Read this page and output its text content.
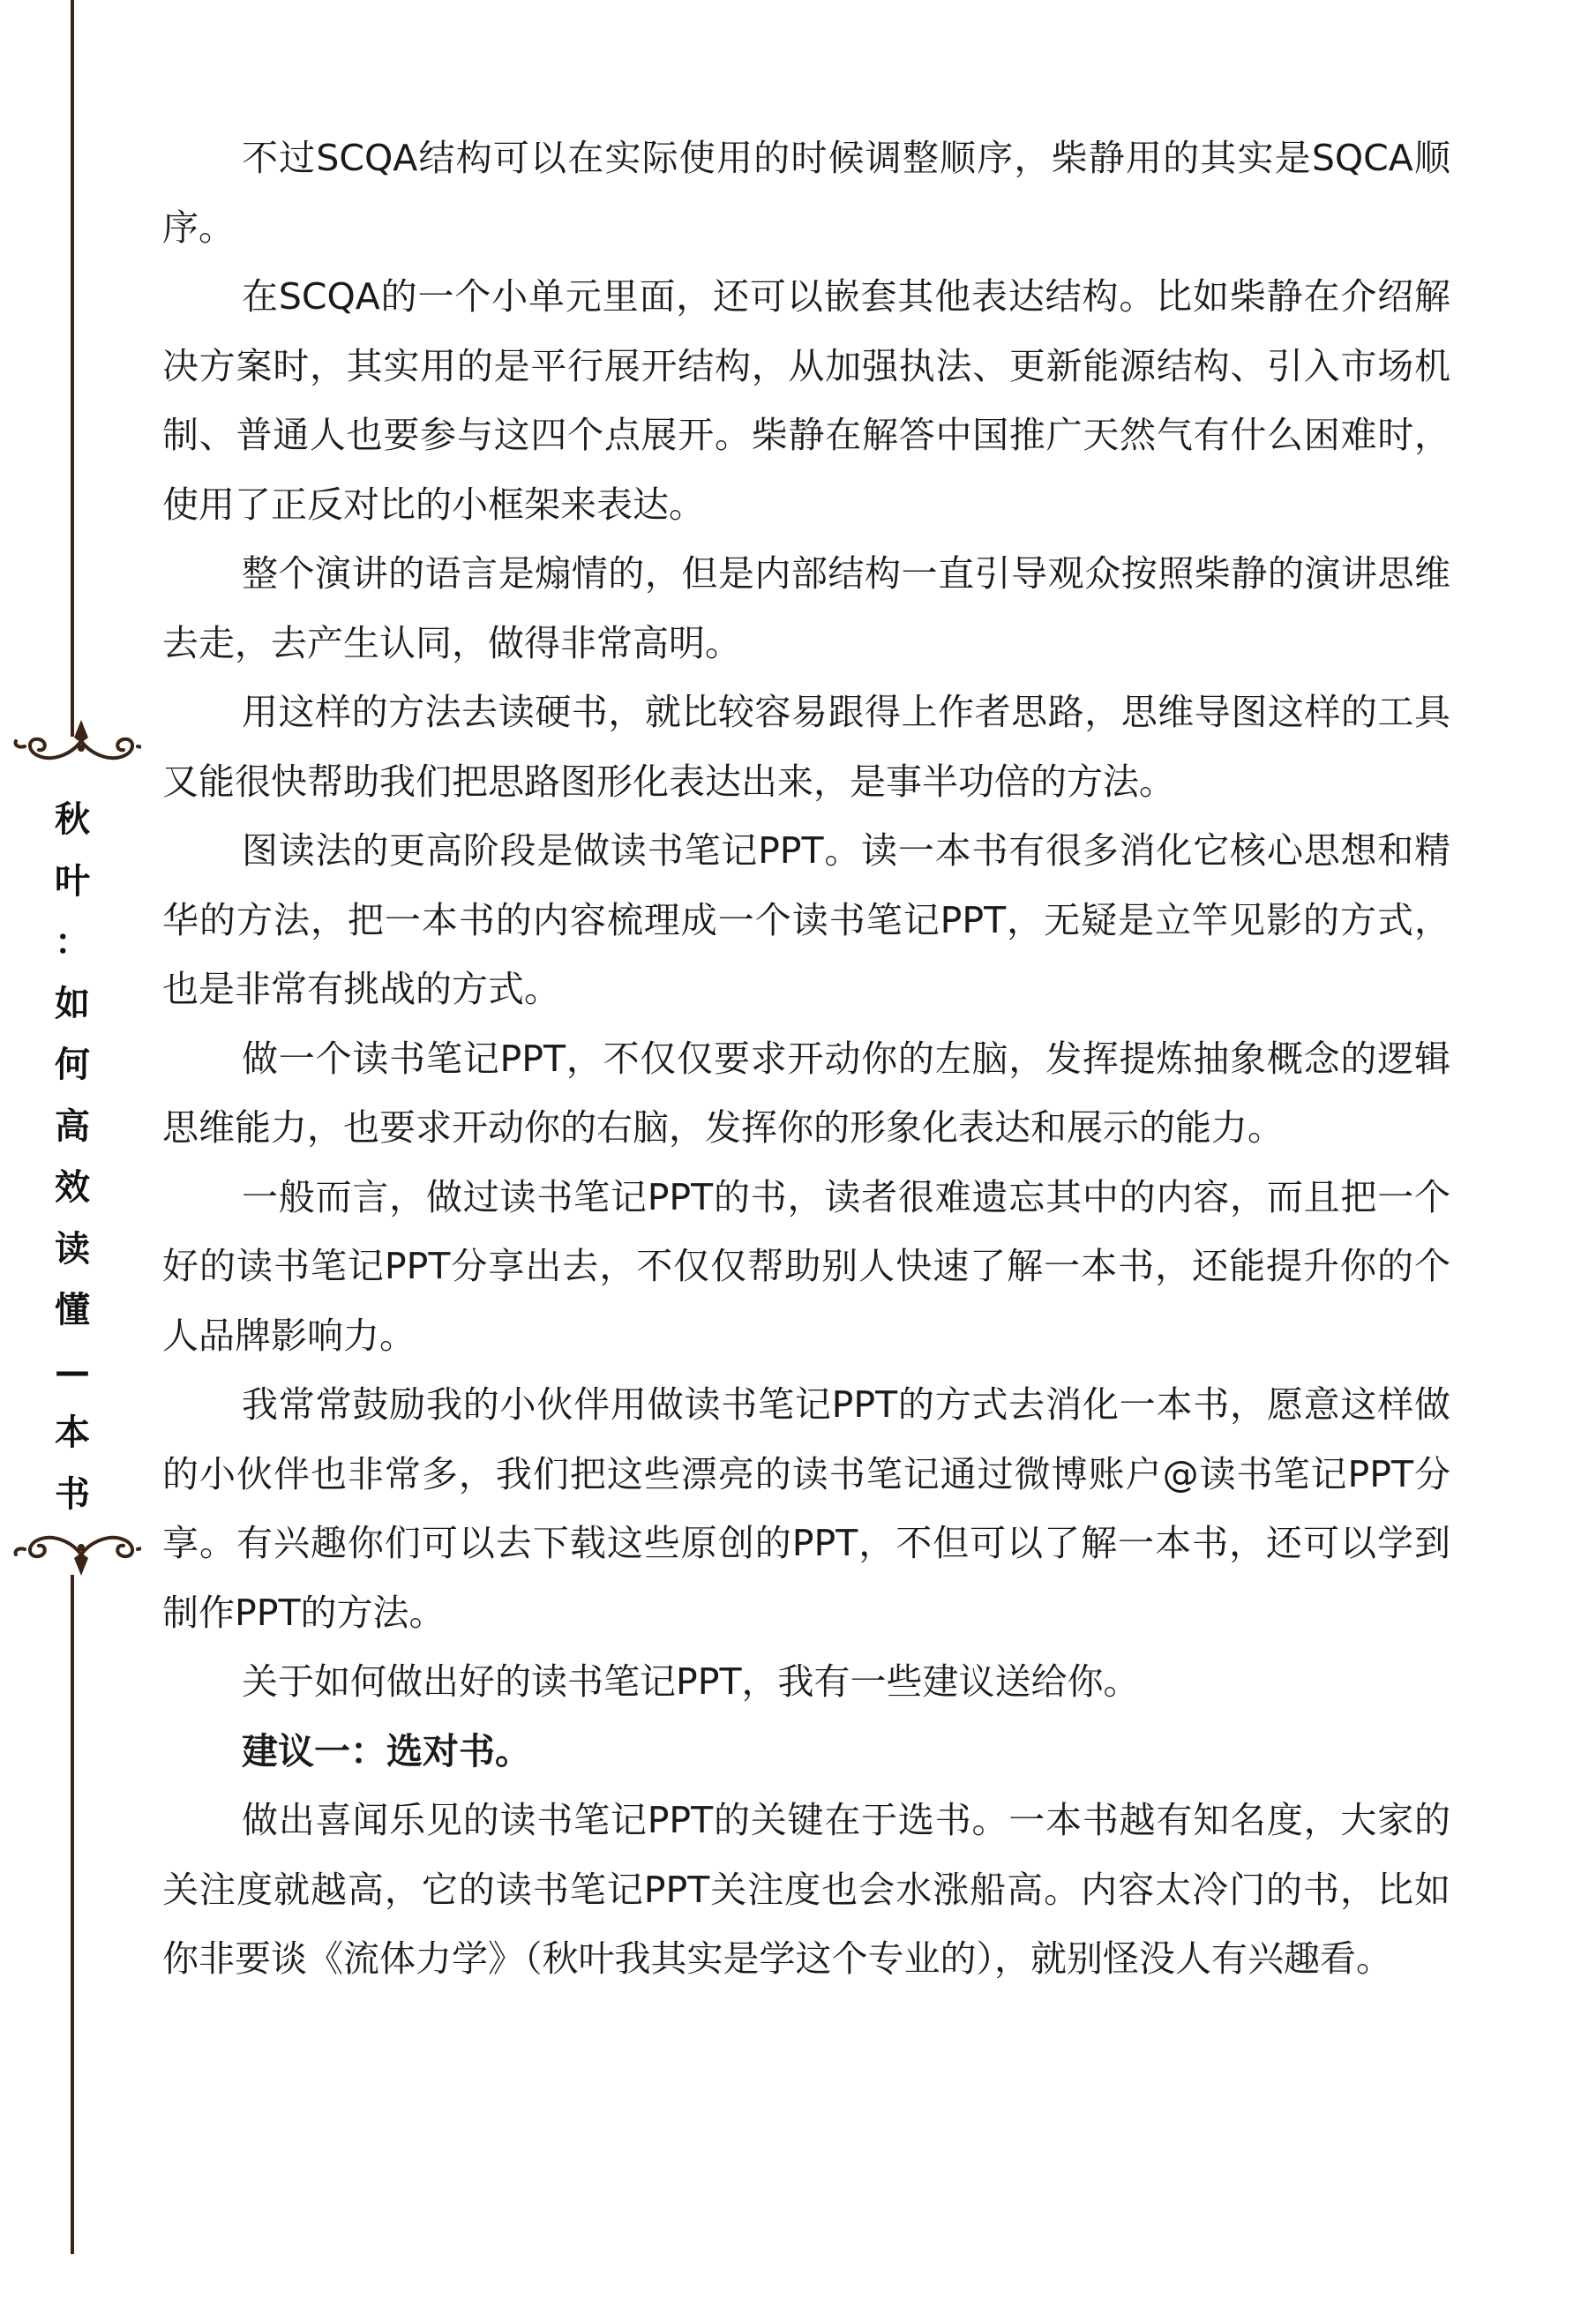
秋
叶
：
如
何
高
效
读
懂
—
本
书

不过SCQA结构可以在实际使用的时候调整顺序，柴静用的其实是SQCA顺序。

在SCQA的一个小单元里面，还可以嵌套其他表达结构。比如柴静在介绍解决方案时，其实用的是平行展开结构，从加强执法、更新能源结构、引入市场机制、普通人也要参与这四个点展开。柴静在解答中国推广天然气有什么困难时，使用了正反对比的小框架来表达。

整个演讲的语言是煽情的，但是内部结构一直引导观众按照柴静的演讲思维去走，去产生认同，做得非常高明。

用这样的方法去读硬书，就比较容易跟得上作者思路，思维导图这样的工具又能很快帮助我们把思路图形化表达出来，是事半功倍的方法。

图读法的更高阶段是做读书笔记PPT。读一本书有很多消化它核心思想和精华的方法，把一本书的内容梳理成一个读书笔记PPT，无疑是立竿见影的方式，也是非常有挑战的方式。

做一个读书笔记PPT，不仅仅要求开动你的左脑，发挥提炼抽象概念的逻辑思维能力，也要求开动你的右脑，发挥你的形象化表达和展示的能力。

一般而言，做过读书笔记PPT的书，读者很难遗忘其中的内容，而且把一个好的读书笔记PPT分享出去，不仅仅帮助别人快速了解一本书，还能提升你的个人品牌影响力。

我常常鼓励我的小伙伴用做读书笔记PPT的方式去消化一本书，愿意这样做的小伙伴也非常多，我们把这些漂亮的读书笔记通过微博账户@读书笔记PPT分享。有兴趣你们可以去下载这些原创的PPT，不但可以了解一本书，还可以学到制作PPT的方法。

关于如何做出好的读书笔记PPT，我有一些建议送给你。

建议一：选对书。

做出喜闻乐见的读书笔记PPT的关键在于选书。一本书越有知名度，大家的关注度就越高，它的读书笔记PPT关注度也会水涨船高。内容太冷门的书，比如你非要谈《流体力学》（秋叶我其实是学这个专业的），就别怪没人有兴趣看。
